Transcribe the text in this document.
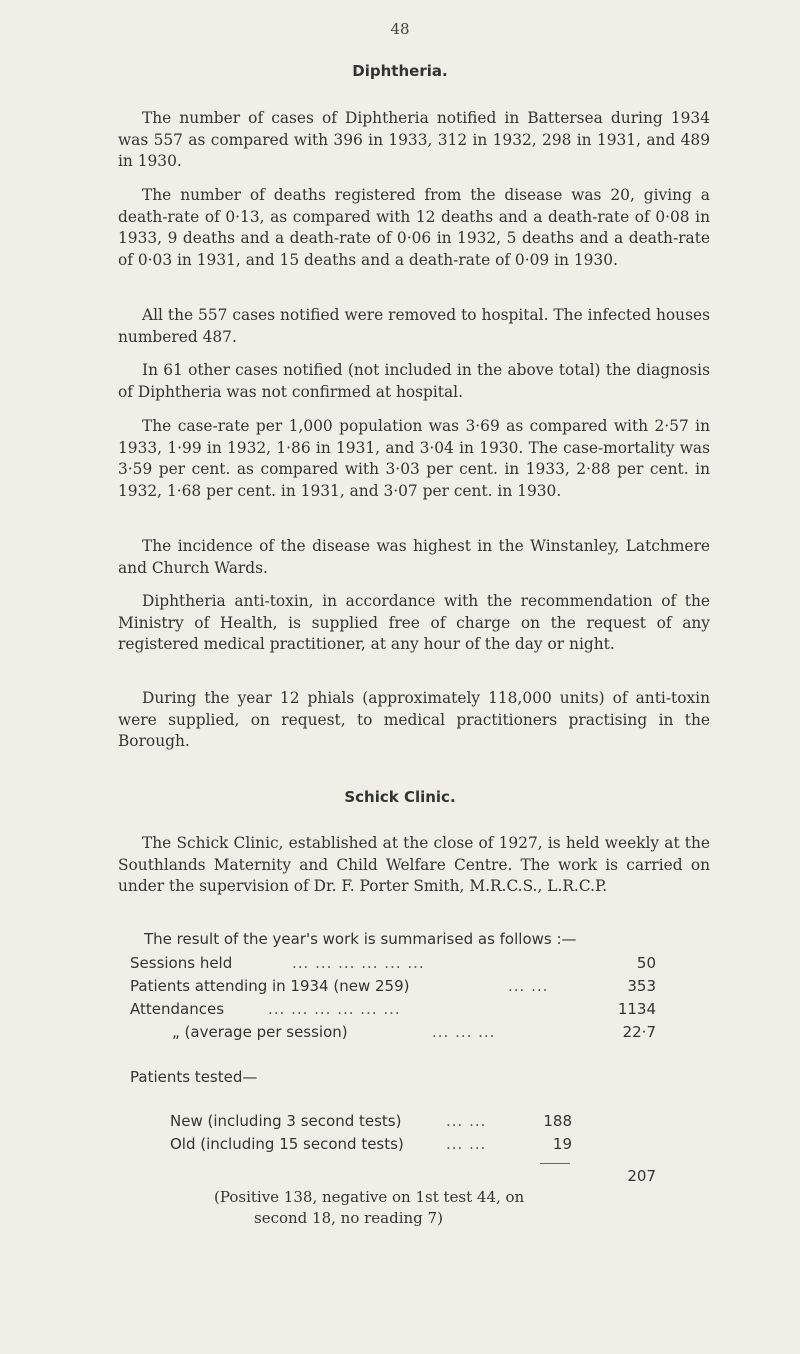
48
Diphtheria.
The number of cases of Diphtheria notified in Battersea during 1934 was 557 as compared with 396 in 1933, 312 in 1932, 298 in 1931, and 489 in 1930.
The number of deaths registered from the disease was 20, giving a death-rate of 0·13, as compared with 12 deaths and a death-rate of 0·08 in 1933, 9 deaths and a death-rate of 0·06 in 1932, 5 deaths and a death-rate of 0·03 in 1931, and 15 deaths and a death-rate of 0·09 in 1930.
All the 557 cases notified were removed to hospital. The infected houses numbered 487.
In 61 other cases notified (not included in the above total) the diagnosis of Diphtheria was not confirmed at hospital.
The case-rate per 1,000 population was 3·69 as compared with 2·57 in 1933, 1·99 in 1932, 1·86 in 1931, and 3·04 in 1930. The case-mortality was 3·59 per cent. as compared with 3·03 per cent. in 1933, 2·88 per cent. in 1932, 1·68 per cent. in 1931, and 3·07 per cent. in 1930.
The incidence of the disease was highest in the Winstanley, Latchmere and Church Wards.
Diphtheria anti-toxin, in accordance with the recommendation of the Ministry of Health, is supplied free of charge on the request of any registered medical practitioner, at any hour of the day or night.
During the year 12 phials (approximately 118,000 units) of anti-toxin were supplied, on request, to medical practitioners practising in the Borough.
Schick Clinic.
The Schick Clinic, established at the close of 1927, is held weekly at the Southlands Maternity and Child Welfare Centre. The work is carried on under the supervision of Dr. F. Porter Smith, M.R.C.S., L.R.C.P.
The result of the year's work is summarised as follows :—
Sessions held	... ... ... ... ... ...	50
Patients attending in 1934 (new 259)	... ...	353
Attendances	... ... ... ... ... ...	1134
„ (average per session)	... ... ...	22·7
Patients tested—
New (including 3 second tests)	... ...	188
Old (including 15 second tests)	... ...	19
207
(Positive 138, negative on 1st test 44, on
second 18, no reading 7)
